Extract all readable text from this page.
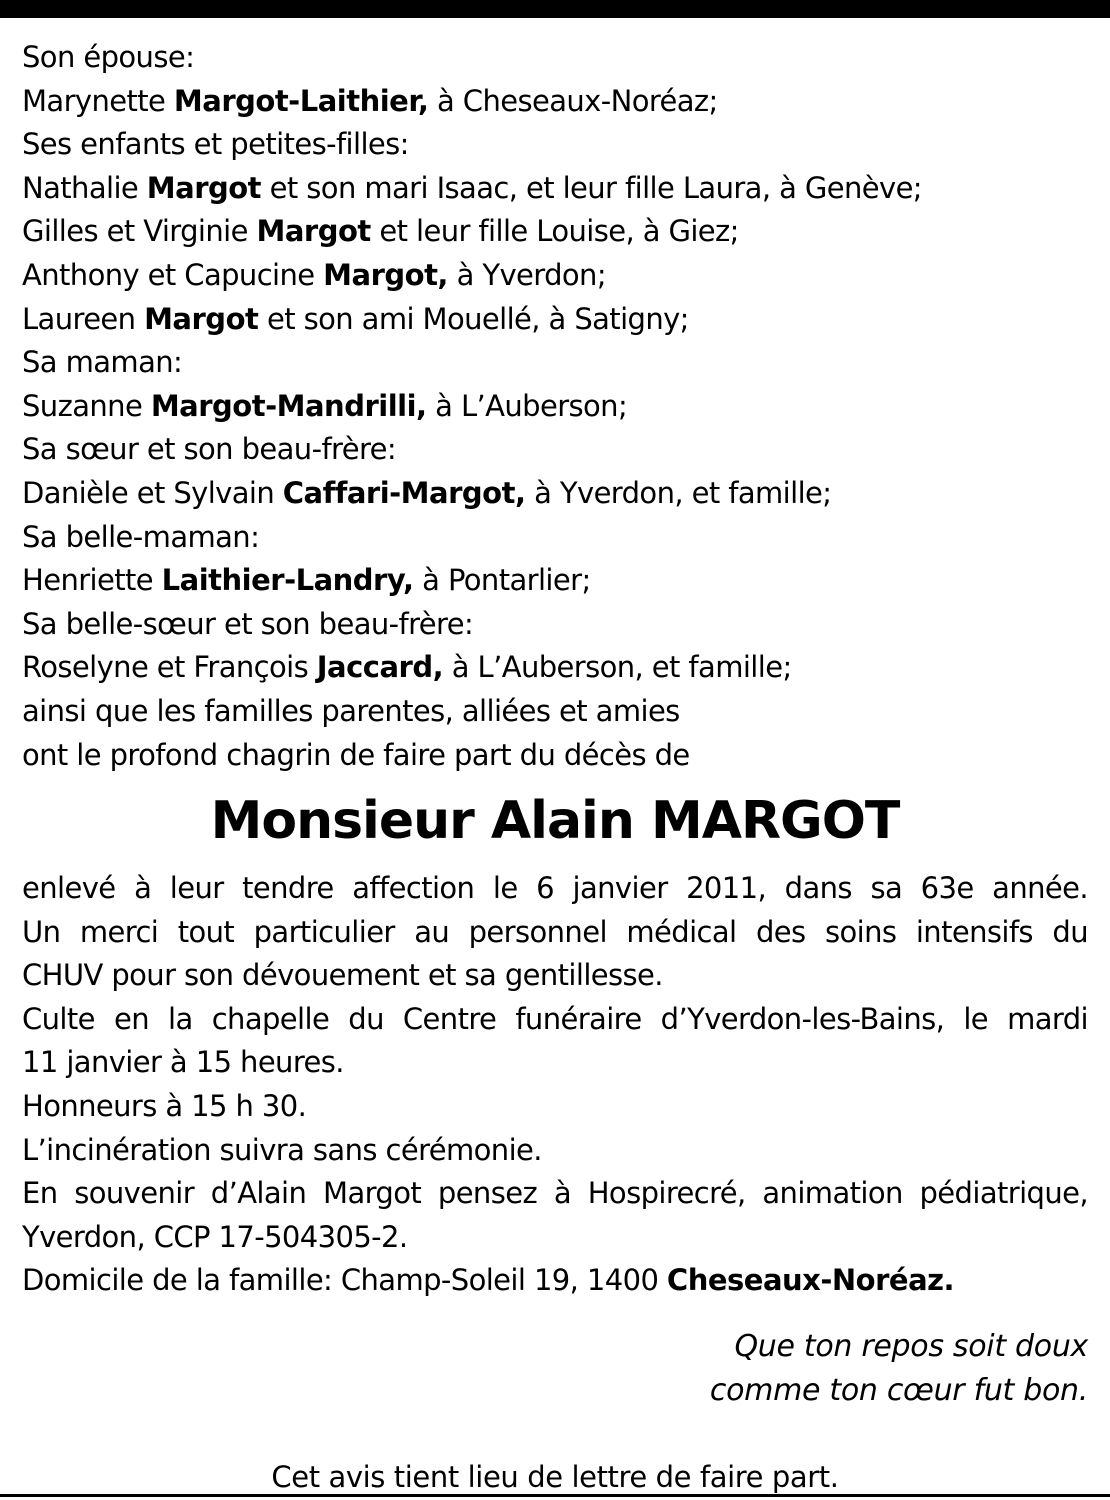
Son épouse:
Marynette Margot-Laithier, à Cheseaux-Noréaz;
Ses enfants et petites-filles:
Nathalie Margot et son mari Isaac, et leur fille Laura, à Genève;
Gilles et Virginie Margot et leur fille Louise, à Giez;
Anthony et Capucine Margot, à Yverdon;
Laureen Margot et son ami Mouellé, à Satigny;
Sa maman:
Suzanne Margot-Mandrilli, à L’Auberson;
Sa sœur et son beau-frère:
Danièle et Sylvain Caffari-Margot, à Yverdon, et famille;
Sa belle-maman:
Henriette Laithier-Landry, à Pontarlier;
Sa belle-sœur et son beau-frère:
Roselyne et François Jaccard, à L’Auberson, et famille;
ainsi que les familles parentes, alliées et amies
ont le profond chagrin de faire part du décès de
Monsieur Alain MARGOT
enlevé à leur tendre affection le 6 janvier 2011, dans sa 63e année.
Un merci tout particulier au personnel médical des soins intensifs du
CHUV pour son dévouement et sa gentillesse.
Culte en la chapelle du Centre funéraire d’Yverdon-les-Bains, le mardi
11 janvier à 15 heures.
Honneurs à 15 h 30.
L’incinération suivra sans cérémonie.
En souvenir d’Alain Margot pensez à Hospirecré, animation pédiatrique,
Yverdon, CCP 17-504305-2.
Domicile de la famille: Champ-Soleil 19, 1400 Cheseaux-Noréaz.
Que ton repos soit doux
comme ton cœur fut bon.
Cet avis tient lieu de lettre de faire part.
